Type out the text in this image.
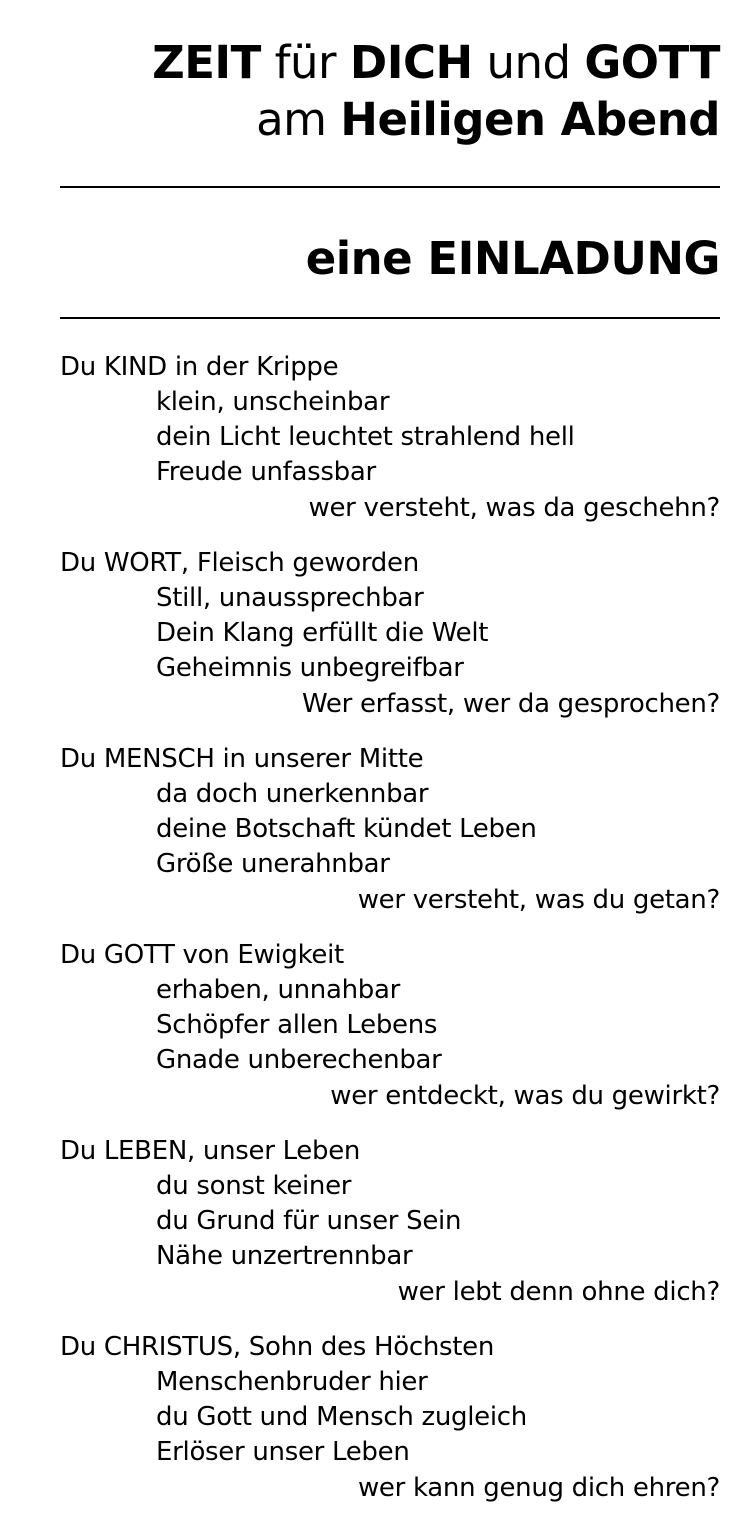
ZEIT für DICH und GOTT
am Heiligen Abend
eine EINLADUNG
Du KIND in der Krippe
klein, unscheinbar
dein Licht leuchtet strahlend hell
Freude unfassbar
wer versteht, was da geschehn?
Du WORT, Fleisch geworden
Still, unaussprechbar
Dein Klang erfüllt die Welt
Geheimnis unbegreifbar
Wer erfasst, wer da gesprochen?
Du MENSCH in unserer Mitte
da doch unerkennbar
deine Botschaft kündet Leben
Größe unerahnbar
wer versteht, was du getan?
Du GOTT von Ewigkeit
erhaben, unnahbar
Schöpfer allen Lebens
Gnade unberechenbar
wer entdeckt, was du gewirkt?
Du LEBEN, unser Leben
du sonst keiner
du Grund für unser Sein
Nähe unzertrennbar
wer lebt denn ohne dich?
Du CHRISTUS, Sohn des Höchsten
Menschenbruder hier
du Gott und Mensch zugleich
Erlöser unser Leben
wer kann genug dich ehren?
